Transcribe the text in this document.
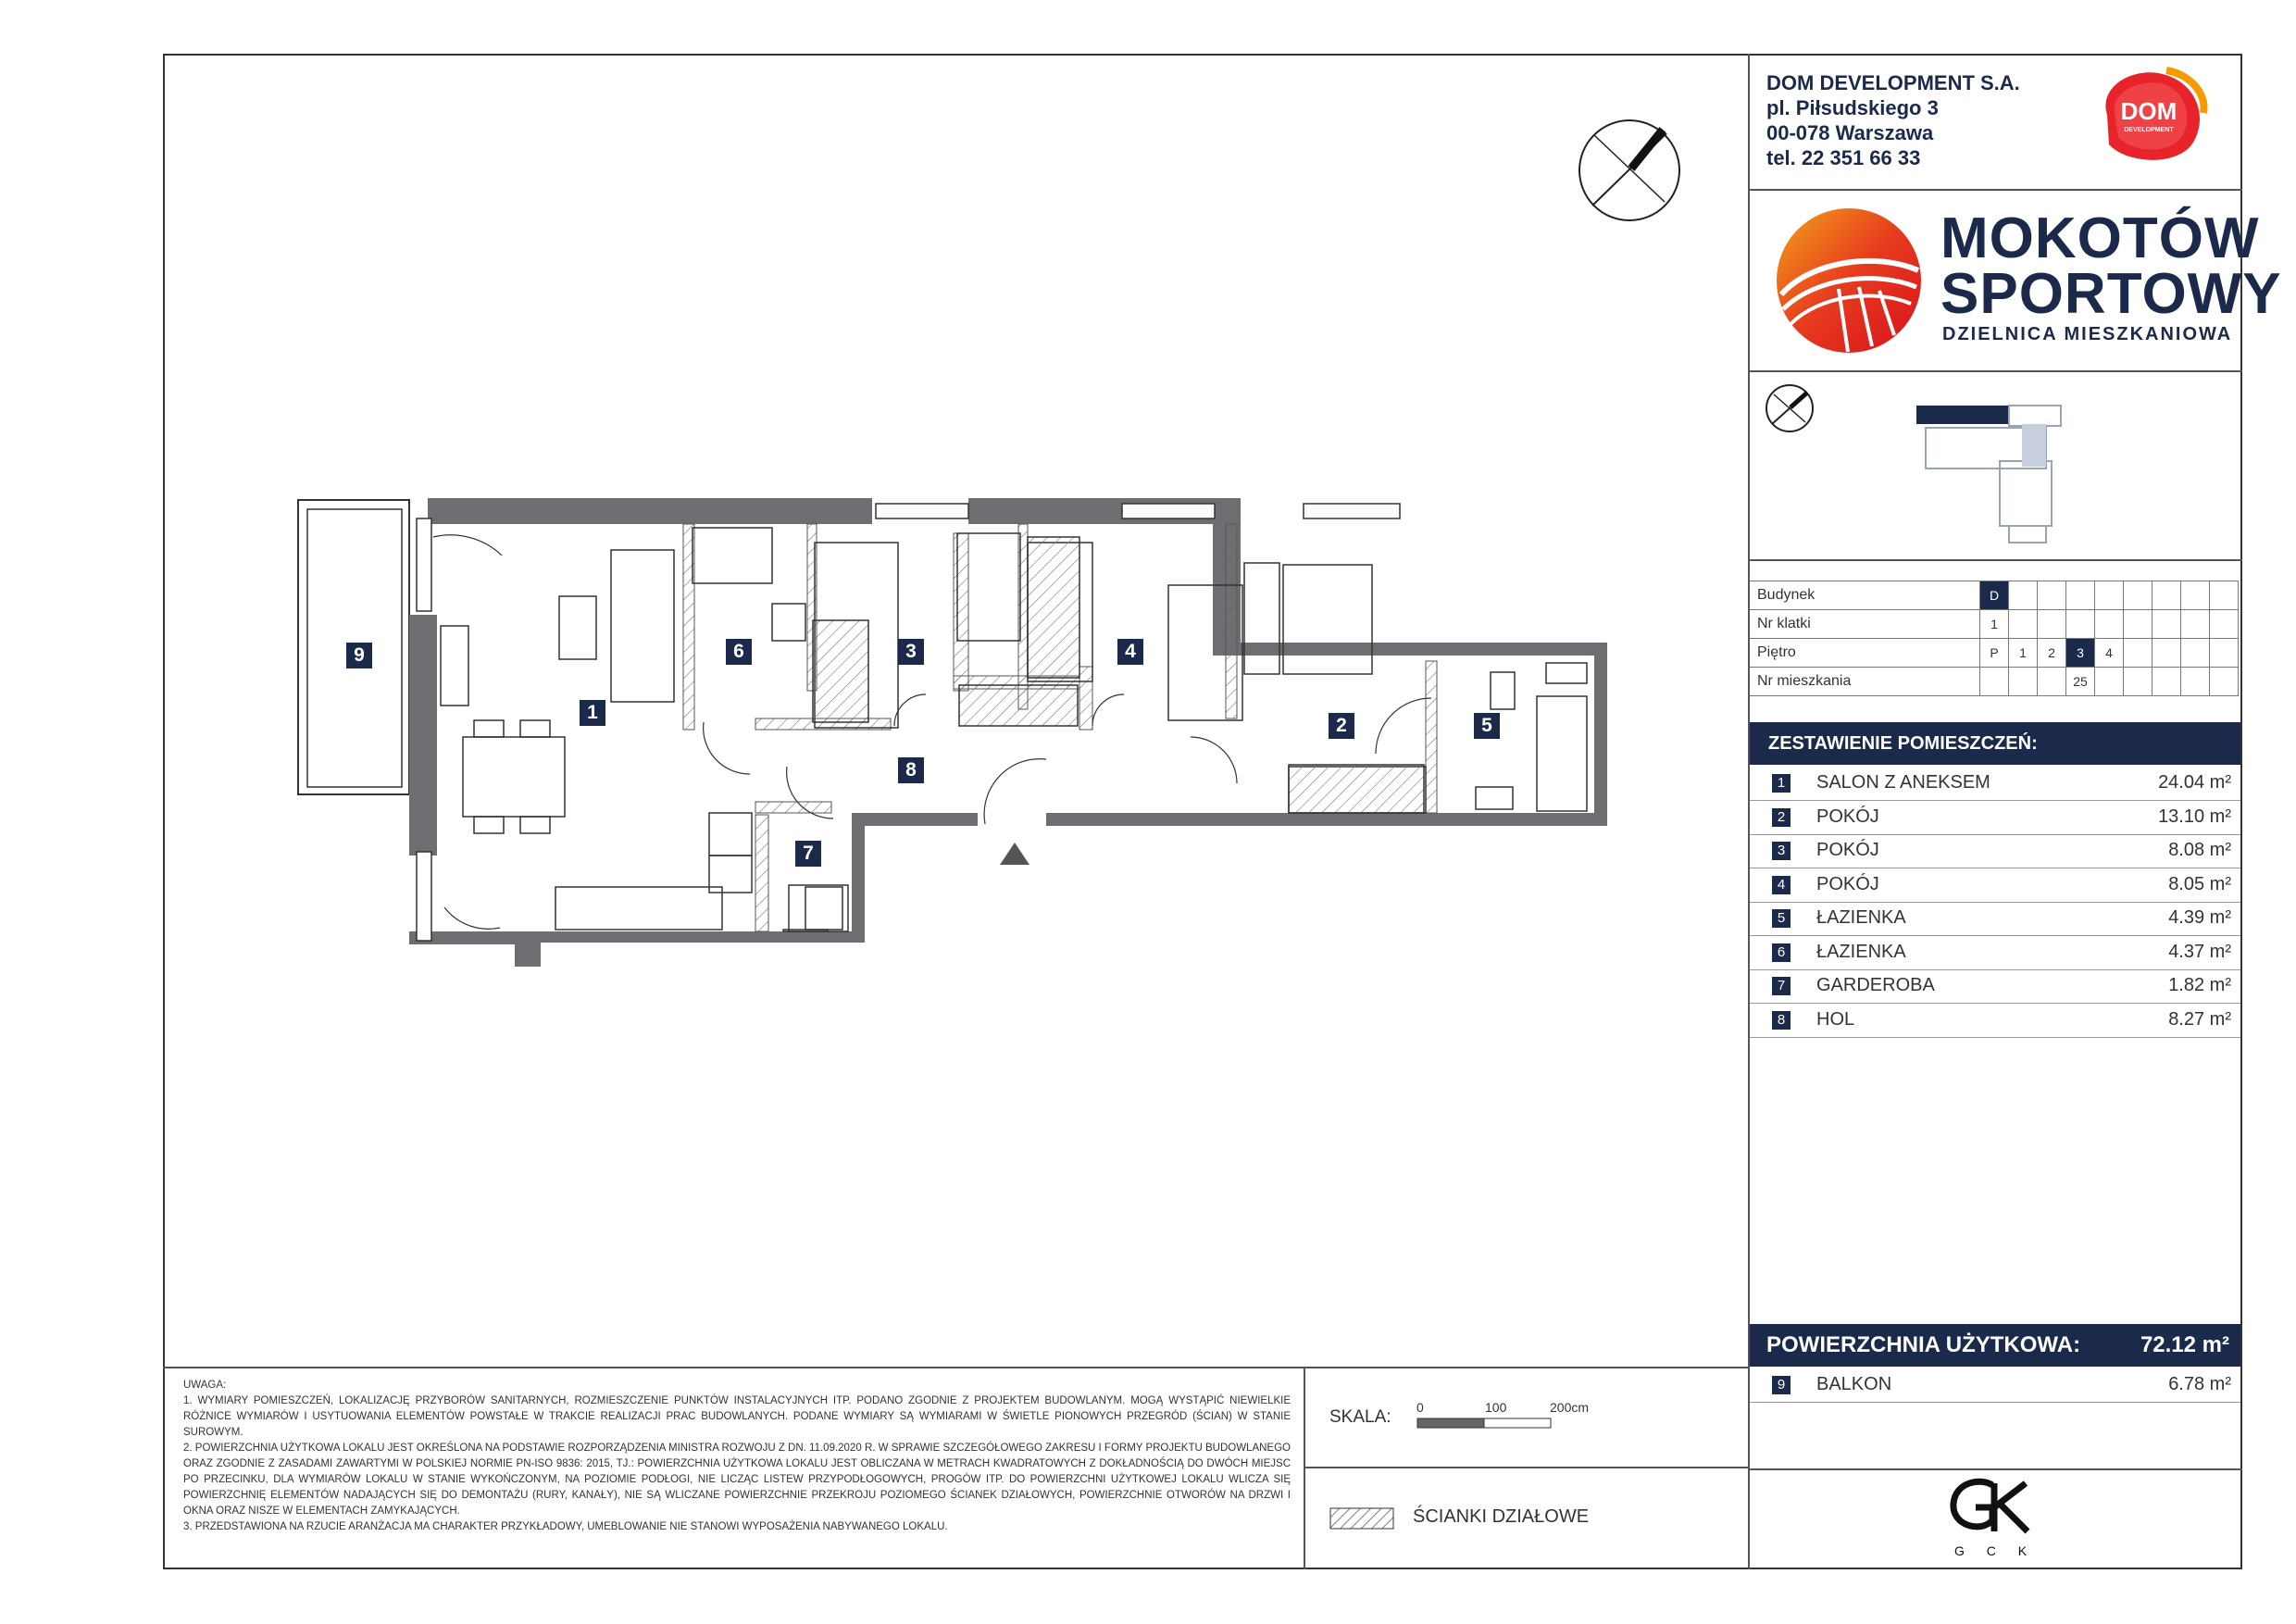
DOM DEVELOPMENT S.A.
pl. Piłsudskiego 3
00-078 Warszawa
tel. 22 351 66 33
DOM
DEVELOPMENT
MOKOTÓW
SPORTOWY
DZIELNICA MIESZKANIOWA
Budynek	D								
Nr klatki	1								
Piętro	P	1	2	3	4				
Nr mieszkania				25					
ZESTAWIENIE POMIESZCZEŃ:
1 SALON Z ANEKSEM	24.04 m²
2 POKÓJ	13.10 m²
3 POKÓJ	8.08 m²
4 POKÓJ	8.05 m²
5 ŁAZIENKA	4.39 m²
6 ŁAZIENKA	4.37 m²
7 GARDEROBA	1.82 m²
8 HOL	8.27 m²
POWIERZCHNIA UŻYTKOWA:	72.12 m²
9 BALKON	6.78 m²
G C K
UWAGA:
1. WYMIARY POMIESZCZEŃ, LOKALIZACJĘ PRZYBORÓW SANITARNYCH, ROZMIESZCZENIE PUNKTÓW INSTALACYJNYCH ITP. PODANO ZGODNIE Z PROJEKTEM BUDOWLANYM. MOGĄ WYSTĄPIĆ NIEWIELKIE RÓŻNICE WYMIARÓW I USYTUOWANIA ELEMENTÓW POWSTAŁE W TRAKCIE REALIZACJI PRAC BUDOWLANYCH. PODANE WYMIARY SĄ WYMIARAMI W ŚWIETLE PIONOWYCH PRZEGRÓD (ŚCIAN) W STANIE SUROWYM.
2. POWIERZCHNIA UŻYTKOWA LOKALU JEST OKREŚLONA NA PODSTAWIE ROZPORZĄDZENIA MINISTRA ROZWOJU Z DN. 11.09.2020 R. W SPRAWIE SZCZEGÓŁOWEGO ZAKRESU I FORMY PROJEKTU BUDOWLANEGO ORAZ ZGODNIE Z ZASADAMI ZAWARTYMI W POLSKIEJ NORMIE PN-ISO 9836: 2015, TJ.: POWIERZCHNIA UŻYTKOWA LOKALU JEST OBLICZANA W METRACH KWADRATOWYCH Z DOKŁADNOŚCIĄ DO DWÓCH MIEJSC PO PRZECINKU, DLA WYMIARÓW LOKALU W STANIE WYKOŃCZONYM, NA POZIOMIE PODŁOGI, NIE LICZĄC LISTEW PRZYPODŁOGOWYCH, PROGÓW ITP. DO POWIERZCHNI UŻYTKOWEJ LOKALU WLICZA SIĘ POWIERZCHNIĘ ELEMENTÓW NADAJĄCYCH SIĘ DO DEMONTAŻU (RURY, KANAŁY), NIE SĄ WLICZANE POWIERZCHNIE PRZEKROJU POZIOMEGO ŚCIANEK DZIAŁOWYCH, POWIERZCHNIE OTWORÓW NA DRZWI I OKNA ORAZ NISZE W ELEMENTACH ZAMYKAJĄCYCH.
3. PRZEDSTAWIONA NA RZUCIE ARANŻACJA MA CHARAKTER PRZYKŁADOWY, UMEBLOWANIE NIE STANOWI WYPOSAŻENIA NABYWANEGO LOKALU.
SKALA: 0	100	200cm
ŚCIANKI DZIAŁOWE
1
2
3	4
5
6
7
8
9
